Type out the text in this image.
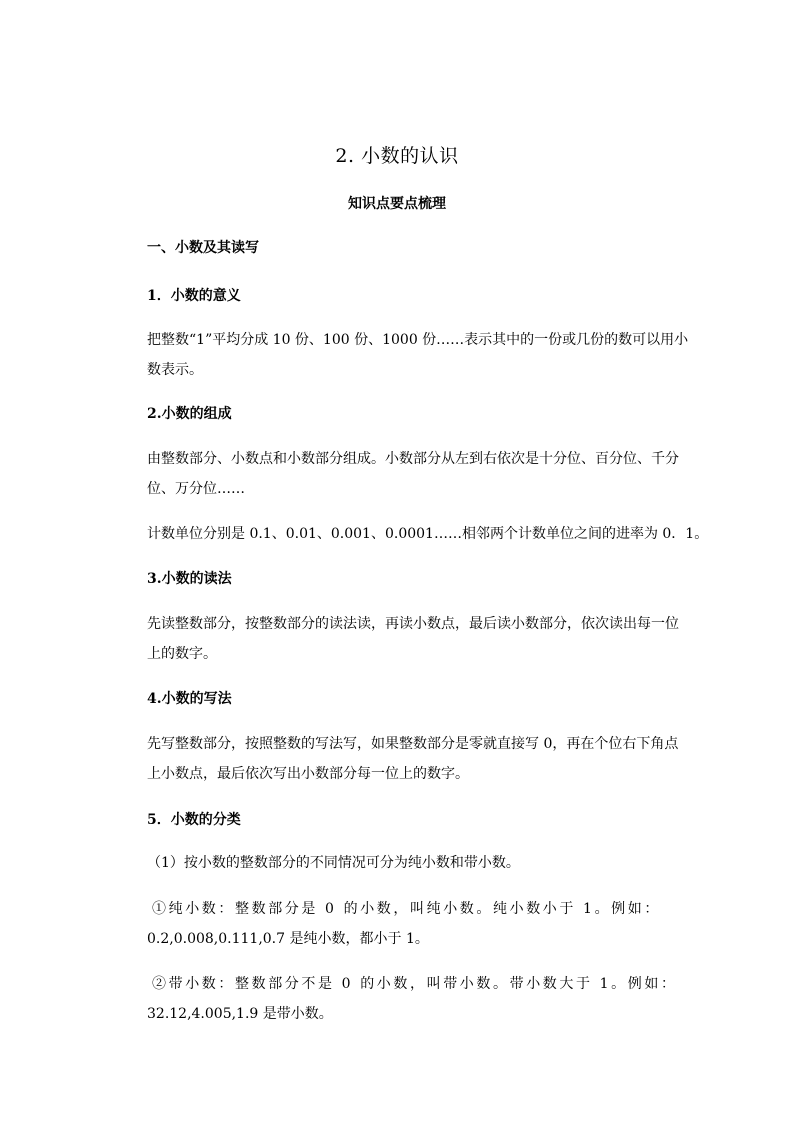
2. 小数的认识
知识点要点梳理
一、小数及其读写
1．小数的意义
把整数“1”平均分成 10 份、100 份、1000 份……表示其中的一份或几份的数可以用小
数表示。
2.小数的组成
由整数部分、小数点和小数部分组成。小数部分从左到右依次是十分位、百分位、千分
位、万分位……
计数单位分别是 0.1、0.01、0.001、0.0001……相邻两个计数单位之间的进率为 0．1。
3.小数的读法
先读整数部分，按整数部分的读法读，再读小数点，最后读小数部分，依次读出每一位
上的数字。
4.小数的写法
先写整数部分，按照整数的写法写，如果整数部分是零就直接写 0，再在个位右下角点
上小数点，最后依次写出小数部分每一位上的数字。
5．小数的分类
（1）按小数的整数部分的不同情况可分为纯小数和带小数。
①纯小数：整数部分是 0 的小数，叫纯小数。纯小数小于 1。例如：
0.2,0.008,0.111,0.7 是纯小数，都小于 1。
②带小数：整数部分不是 0 的小数，叫带小数。带小数大于 1。例如：
32.12,4.005,1.9 是带小数。
